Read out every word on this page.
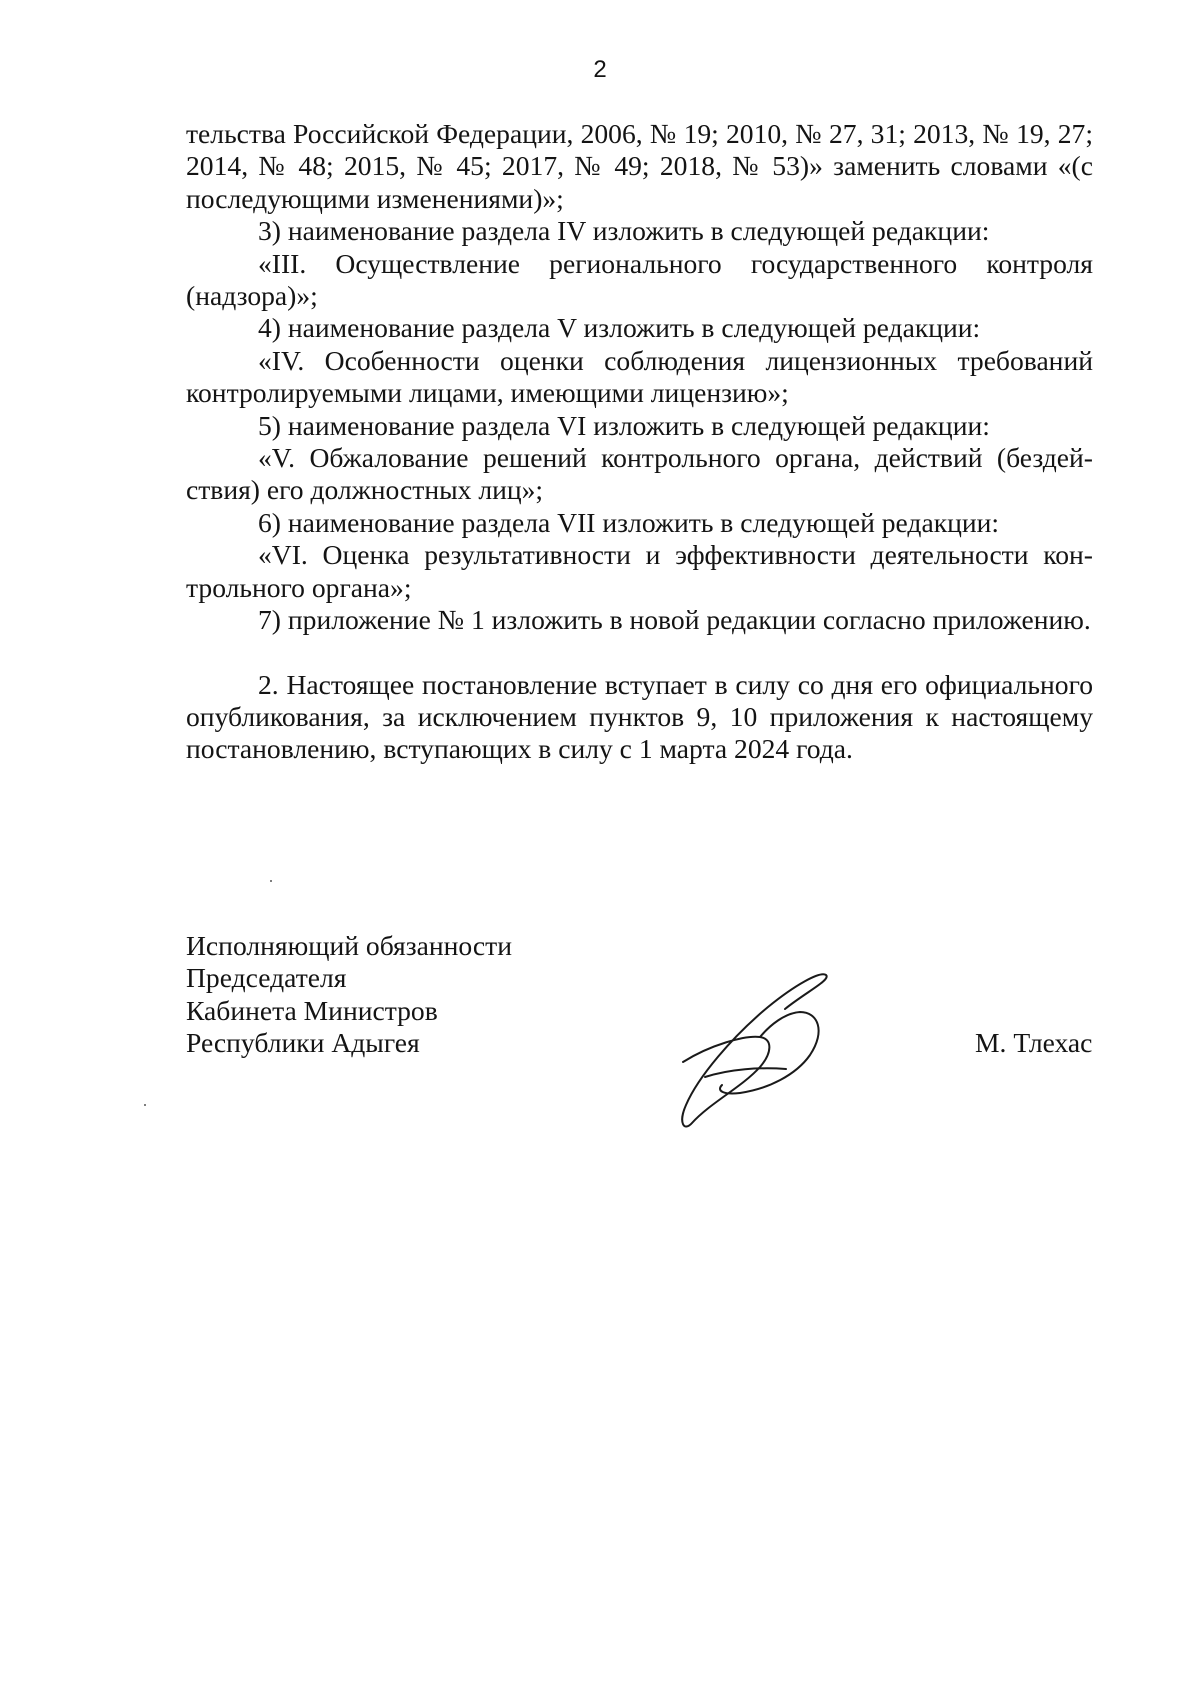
2

тельства Российской Федерации, 2006, № 19; 2010, № 27, 31; 2013, № 19, 27; 2014, № 48; 2015, № 45; 2017, № 49; 2018, № 53)» заменить словами «(с последующими изменениями)»;

3) наименование раздела IV изложить в следующей редакции:

«III. Осуществление регионального государственного контроля (надзора)»;

4) наименование раздела V изложить в следующей редакции:

«IV. Особенности оценки соблюдения лицензионных требований контролируемыми лицами, имеющими лицензию»;

5) наименование раздела VI изложить в следующей редакции:

«V. Обжалование решений контрольного органа, действий (бездействия) его должностных лиц»;

6) наименование раздела VII изложить в следующей редакции:

«VI. Оценка результативности и эффективности деятельности контрольного органа»;

7) приложение № 1 изложить в новой редакции согласно приложению.

2. Настоящее постановление вступает в силу со дня его официального опубликования, за исключением пунктов 9, 10 приложения к настоящему постановлению, вступающих в силу с 1 марта 2024 года.

Исполняющий обязанности
Председателя
Кабинета Министров
Республики Адыгея	М. Тлехас
